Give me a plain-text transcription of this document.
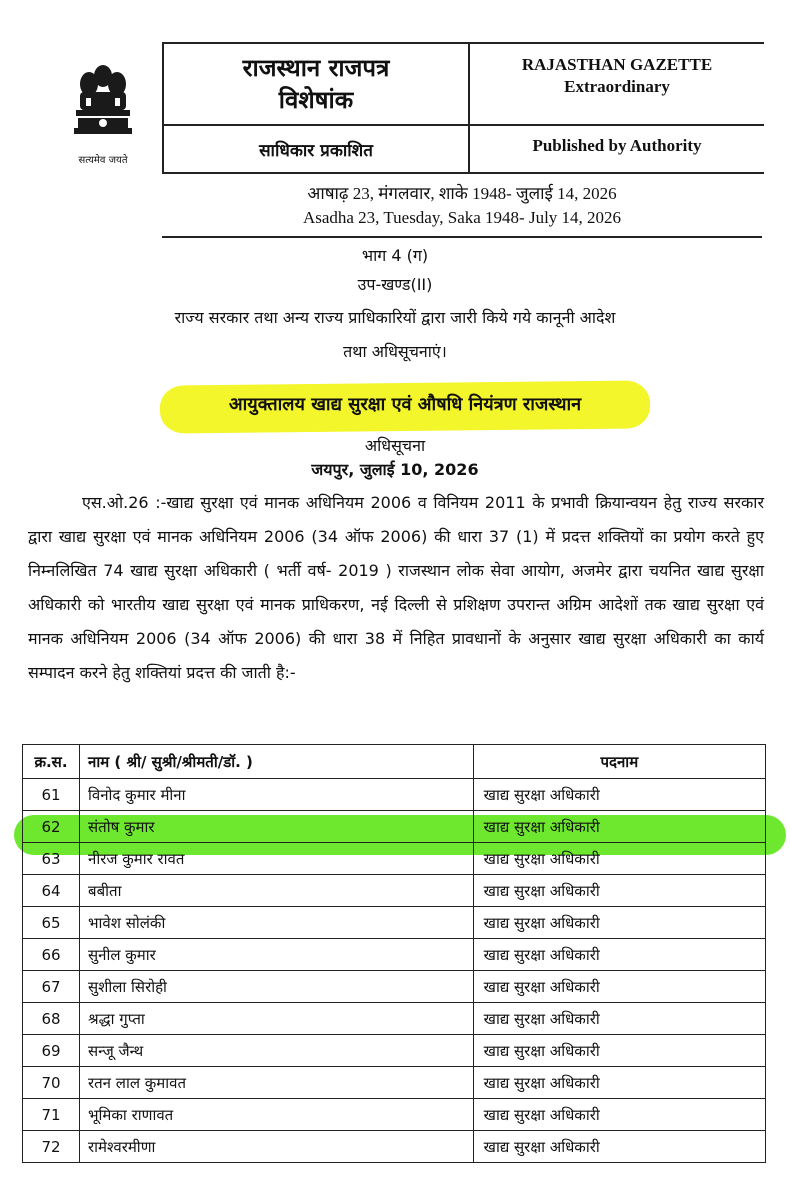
सत्यमेव जयते
राजस्थान राजपत्र
विशेषांक
RAJASTHAN GAZETTE
Extraordinary
साधिकार प्रकाशित	Published by Authority
आषाढ़ 23, मंगलवार, शाके 1948- जुलाई 14, 2026
Asadha 23, Tuesday, Saka 1948- July 14, 2026
भाग 4 (ग)
उप-खण्ड(II)
राज्य सरकार तथा अन्य राज्य प्राधिकारियों द्वारा जारी किये गये कानूनी आदेश
तथा अधिसूचनाएं।
आयुक्तालय खाद्य सुरक्षा एवं औषधि नियंत्रण राजस्थान
अधिसूचना
जयपुर, जुलाई 10, 2026

एस.ओ.26 :-खाद्य सुरक्षा एवं मानक अधिनियम 2006 व विनियम 2011 के प्रभावी क्रियान्वयन हेतु राज्य सरकार द्वारा खाद्य सुरक्षा एवं मानक अधिनियम 2006 (34 ऑफ 2006) की धारा 37 (1) में प्रदत्त शक्तियों का प्रयोग करते हुए निम्नलिखित 74 खाद्य सुरक्षा अधिकारी ( भर्ती वर्ष- 2019 ) राजस्थान लोक सेवा आयोग, अजमेर द्वारा चयनित खाद्य सुरक्षा अधिकारी को भारतीय खाद्य सुरक्षा एवं मानक प्राधिकरण, नई दिल्ली से प्रशिक्षण उपरान्त अग्रिम आदेशों तक खाद्य सुरक्षा एवं मानक अधिनियम 2006 (34 ऑफ 2006) की धारा 38 में निहित प्रावधानों के अनुसार खाद्य सुरक्षा अधिकारी का कार्य सम्पादन करने हेतु शक्तियां प्रदत्त की जाती है:-

क्र.स.	नाम ( श्री/ सुश्री/श्रीमती/डॉ. )	पदनाम
61	विनोद कुमार मीना	खाद्य सुरक्षा अधिकारी
62	संतोष कुमार	खाद्य सुरक्षा अधिकारी
63	नीरज कुमार रावत	खाद्य सुरक्षा अधिकारी
64	बबीता	खाद्य सुरक्षा अधिकारी
65	भावेश सोलंकी	खाद्य सुरक्षा अधिकारी
66	सुनील कुमार	खाद्य सुरक्षा अधिकारी
67	सुशीला सिरोही	खाद्य सुरक्षा अधिकारी
68	श्रद्धा गुप्ता	खाद्य सुरक्षा अधिकारी
69	सन्जू जैन्थ	खाद्य सुरक्षा अधिकारी
70	रतन लाल कुमावत	खाद्य सुरक्षा अधिकारी
71	भूमिका राणावत	खाद्य सुरक्षा अधिकारी
72	रामेश्वरमीणा	खाद्य सुरक्षा अधिकारी
